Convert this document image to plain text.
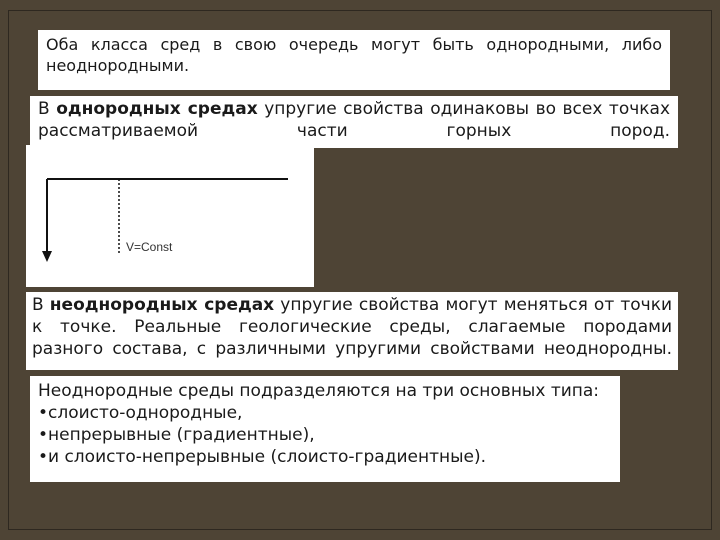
Оба класса сред в свою очередь могут быть однородными, либо неоднородными.
В однородных средах упругие свойства одинаковы во всех точках рассматриваемой части горных пород.
V=Const
В неоднородных средах упругие свойства могут меняться от точки к точке. Реальные геологические среды, слагаемые породами разного состава, с различными упругими свойствами неоднородны.
Неоднородные среды подразделяются на три основных типа:
• слоисто-однородные,
• непрерывные (градиентные),
• и слоисто-непрерывные (слоисто-градиентные).
